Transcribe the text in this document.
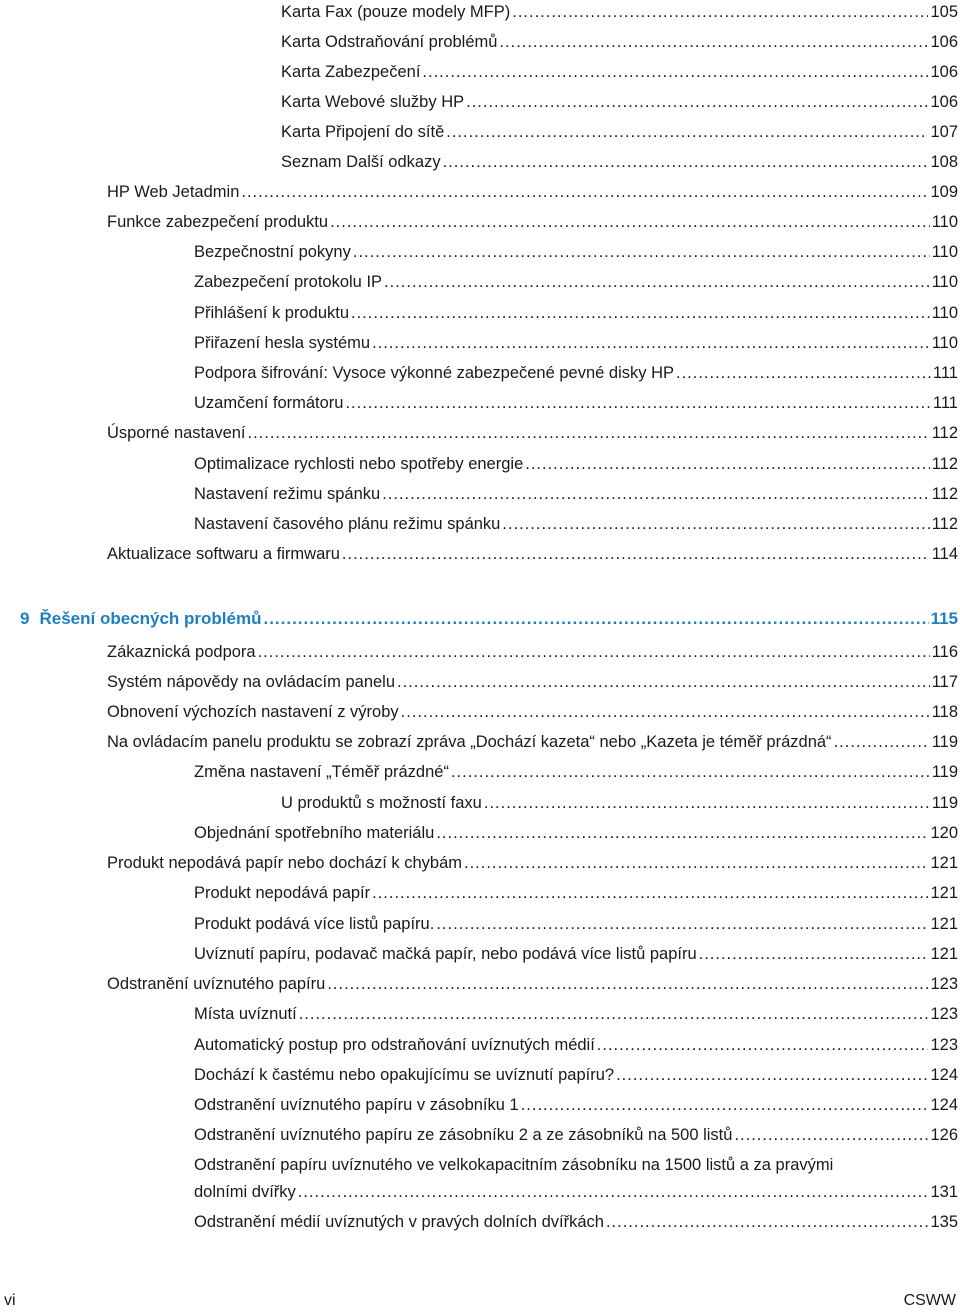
Karta Fax (pouze modely MFP) .....	105
Karta Odstraňování problémů .....	106
Karta Zabezpečení .....	106
Karta Webové služby HP .....	106
Karta Připojení do sítě .....	107
Seznam Další odkazy .....	108
HP Web Jetadmin .....	109
Funkce zabezpečení produktu .....	110
Bezpečnostní pokyny .....	110
Zabezpečení protokolu IP .....	110
Přihlášení k produktu .....	110
Přiřazení hesla systému .....	110
Podpora šifrování: Vysoce výkonné zabezpečené pevné disky HP .....	111
Uzamčení formátoru .....	111
Úsporné nastavení .....	112
Optimalizace rychlosti nebo spotřeby energie .....	112
Nastavení režimu spánku .....	112
Nastavení časového plánu režimu spánku .....	112
Aktualizace softwaru a firmwaru .....	114
9 Řešení obecných problémů .....	115
Zákaznická podpora .....	116
Systém nápovědy na ovládacím panelu .....	117
Obnovení výchozích nastavení z výroby .....	118
Na ovládacím panelu produktu se zobrazí zpráva „Dochází kazeta“ nebo „Kazeta je téměř prázdná“ .....	119
Změna nastavení „Téměř prázdné“ .....	119
U produktů s možností faxu .....	119
Objednání spotřebního materiálu .....	120
Produkt nepodává papír nebo dochází k chybám .....	121
Produkt nepodává papír .....	121
Produkt podává více listů papíru. .....	121
Uvíznutí papíru, podavač mačká papír, nebo podává více listů papíru .....	121
Odstranění uvíznutého papíru .....	123
Místa uvíznutí .....	123
Automatický postup pro odstraňování uvíznutých médií .....	123
Dochází k častému nebo opakujícímu se uvíznutí papíru? .....	124
Odstranění uvíznutého papíru v zásobníku 1 .....	124
Odstranění uvíznutého papíru ze zásobníku 2 a ze zásobníků na 500 listů .....	126
Odstranění papíru uvíznutého ve velkokapacitním zásobníku na 1500 listů a za pravými
dolními dvířky .....	131
Odstranění médií uvíznutých v pravých dolních dvířkách .....	135
vi	CSWW
